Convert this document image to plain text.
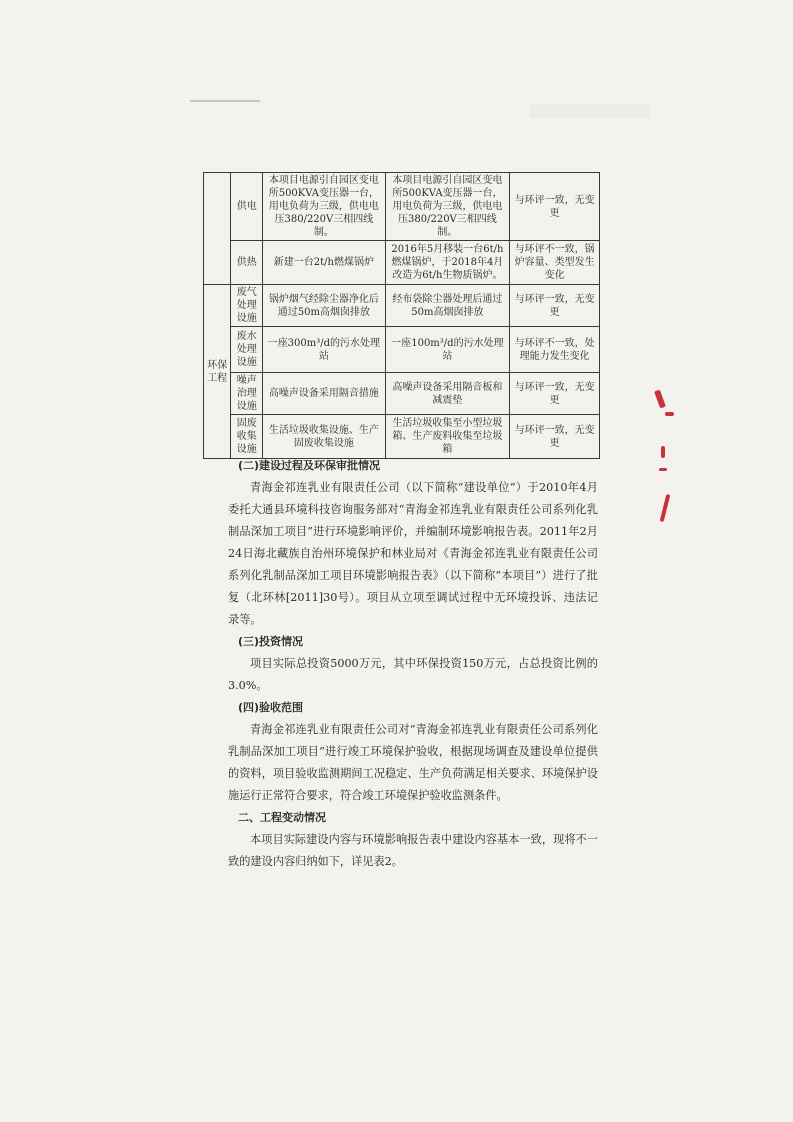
	供电	本项目电源引自园区变电所500KVA变压器一台，用电负荷为三级，供电电压380/220V三相四线制。	本项目电源引自园区变电所500KVA变压器一台，用电负荷为三级，供电电压380/220V三相四线制。	与环评一致，无变更
	供热	新建一台2t/h燃煤锅炉	2016年5月移装一台6t/h燃煤锅炉，于2018年4月改造为6t/h生物质锅炉。	与环评不一致，锅炉容量、类型发生变化
环保工程	废气处理设施	锅炉烟气经除尘器净化后通过50m高烟囱排放	经布袋除尘器处理后通过50m高烟囱排放	与环评一致，无变更
	废水处理设施	一座300m³/d的污水处理站	一座100m³/d的污水处理站	与环评不一致，处理能力发生变化
	噪声治理设施	高噪声设备采用隔音措施	高噪声设备采用隔音板和减震垫	与环评一致，无变更
	固废收集设施	生活垃圾收集设施、生产固废收集设施	生活垃圾收集至小型垃圾箱、生产废料收集至垃圾箱	与环评一致，无变更

(二)建设过程及环保审批情况

青海金祁连乳业有限责任公司（以下简称“建设单位”）于2010年4月委托大通县环境科技咨询服务部对“青海金祁连乳业有限责任公司系列化乳制品深加工项目”进行环境影响评价，并编制环境影响报告表。2011年2月24日海北藏族自治州环境保护和林业局对《青海金祁连乳业有限责任公司系列化乳制品深加工项目环境影响报告表》（以下简称“本项目”）进行了批复（北环林[2011]30号）。项目从立项至调试过程中无环境投诉、违法记录等。

(三)投资情况

项目实际总投资5000万元，其中环保投资150万元，占总投资比例的3.0%。

(四)验收范围

青海金祁连乳业有限责任公司对“青海金祁连乳业有限责任公司系列化乳制品深加工项目”进行竣工环境保护验收，根据现场调查及建设单位提供的资料，项目验收监测期间工况稳定、生产负荷满足相关要求、环境保护设施运行正常符合要求，符合竣工环境保护验收监测条件。

二、工程变动情况

本项目实际建设内容与环境影响报告表中建设内容基本一致，现将不一致的建设内容归纳如下，详见表2。
